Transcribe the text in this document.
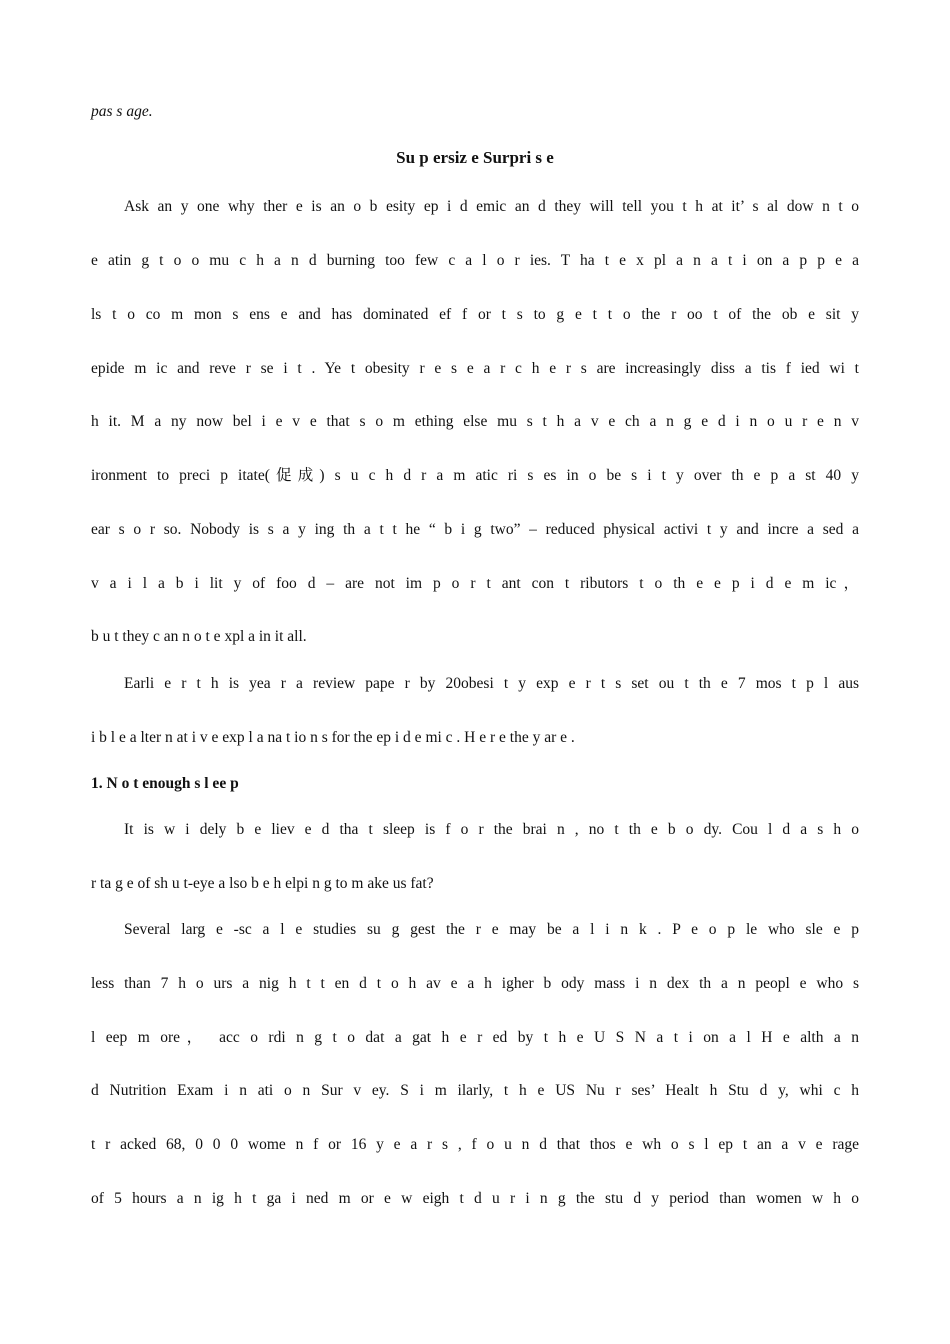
pas s age.
Su p ersiz e Surpri s e
Ask an y one why ther e is an o b esity ep i d emic an d they will tell you t h at it’ s al dow n t o
e atin g t o o mu c h a n d burning too few c a l o r ies. T ha t e x pl a n a t i on a p p e a
ls t o co m mon s ens e and has dominated ef f or t s to g e t t o the r oo t of the ob e sit y
epide m ic and reve r se i t . Ye t obesity r e s e a r c h e r s are increasingly diss a tis f ied wi t
h it. M a ny now bel i e v e that s o m ething else mu s t h a v e ch a n g e d i n o u r e n v
ironment to preci p itate(促成) s u c h d r a m atic ri s es in o be s i t y over th e p a st 40 y
ear s o r so. Nobody is s a y ing th a t t he “ b i g two” – reduced physical activi t y and incre a sed a
v a i l a b i lit y of foo d – are not im p o r t ant con t ributors t o th e e p i d e m ic，
b u t they c an n o t e xpl a in it all.
Earli e r t h is yea r a review pape r by 20obesi t y exp e r t s set ou t th e 7 mos t p l aus
i b l e a lter n at i v e exp l a na t io n s for the ep i d e mi c . H e r e the y ar e .
1. N o t enough s l ee p
It is w i dely b e liev e d tha t sleep is f o r the brai n , no t th e b o dy. Cou l d a s h o
r ta g e of sh u t-eye a lso b e h elpi n g to m ake us fat?
Several larg e -sc a l e studies su g gest the r e may be a l i n k . P e o p le who sle e p
less than 7 h o urs a nig h t t en d t o h av e a h igher b ody mass i n dex th a n peopl e who s
l eep m ore， acc o rdi n g t o dat a gat h e r ed by t h e U S N a t i on a l H e alth a n
d Nutrition Exam i n ati o n Sur v ey. S i m ilarly, t h e US Nu r ses’ Healt h Stu d y, whi c h
t r acked 68, 0 0 0 wome n f or 16 y e a r s , f o u n d that thos e wh o s l ep t an a v e rage
of 5 hours a n ig h t ga i ned m or e w eigh t d u r i n g the stu d y period than women w h o
